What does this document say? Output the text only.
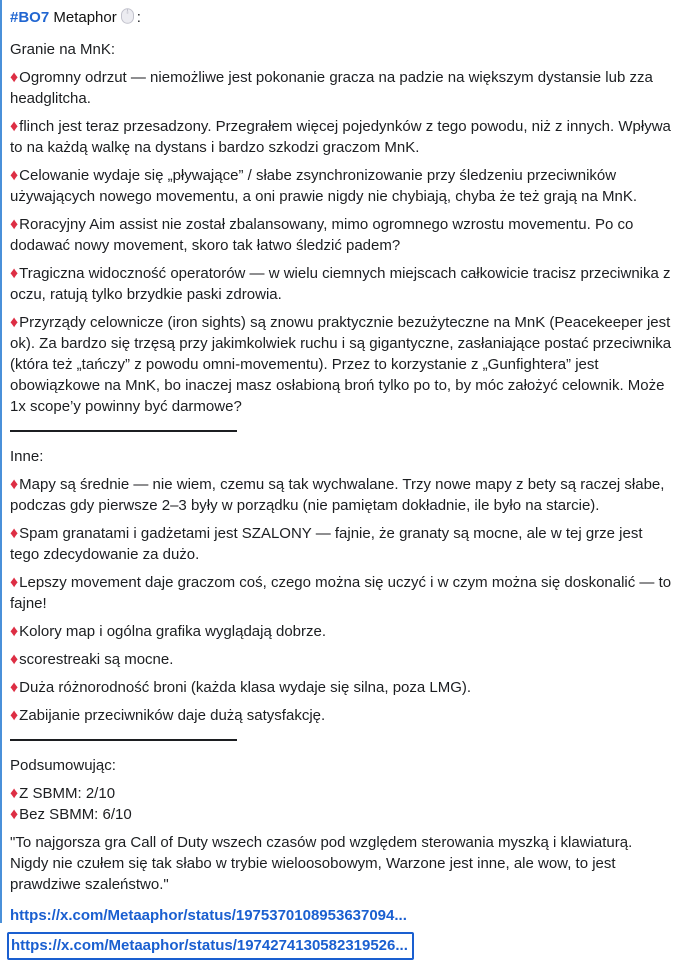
#BO7 Metaphor :

Granie na MnK:

♦Ogromny odrzut — niemożliwe jest pokonanie gracza na padzie na większym dystansie lub zza headglitcha.

♦flinch jest teraz przesadzony. Przegrałem więcej pojedynków z tego powodu, niż z innych. Wpływa to na każdą walkę na dystans i bardzo szkodzi graczom MnK.

♦Celowanie wydaje się „pływające” / słabe zsynchronizowanie przy śledzeniu przeciwników używających nowego movementu, a oni prawie nigdy nie chybiają, chyba że też grają na MnK.

♦Roracyjny Aim assist nie został zbalansowany, mimo ogromnego wzrostu movementu. Po co dodawać nowy movement, skoro tak łatwo śledzić padem?

♦Tragiczna widoczność operatorów — w wielu ciemnych miejscach całkowicie tracisz przeciwnika z oczu, ratują tylko brzydkie paski zdrowia.

♦Przyrządy celownicze (iron sights) są znowu praktycznie bezużyteczne na MnK (Peacekeeper jest ok). Za bardzo się trzęsą przy jakimkolwiek ruchu i są gigantyczne, zasłaniające postać przeciwnika (która też „tańczy” z powodu omni-movementu). Przez to korzystanie z „Gunfightera” jest obowiązkowe na MnK, bo inaczej masz osłabioną broń tylko po to, by móc założyć celownik. Może 1x scope’y powinny być darmowe?

Inne:

♦Mapy są średnie — nie wiem, czemu są tak wychwalane. Trzy nowe mapy z bety są raczej słabe, podczas gdy pierwsze 2–3 były w porządku (nie pamiętam dokładnie, ile było na starcie).

♦Spam granatami i gadżetami jest SZALONY — fajnie, że granaty są mocne, ale w tej grze jest tego zdecydowanie za dużo.

♦Lepszy movement daje graczom coś, czego można się uczyć i w czym można się doskonalić — to fajne!

♦Kolory map i ogólna grafika wyglądają dobrze.

♦scorestreaki są mocne.

♦Duża różnorodność broni (każda klasa wydaje się silna, poza LMG).

♦Zabijanie przeciwników daje dużą satysfakcję.

Podsumowując:

♦Z SBMM: 2/10
♦Bez SBMM: 6/10

"To najgorsza gra Call of Duty wszech czasów pod względem sterowania myszką i klawiaturą. Nigdy nie czułem się tak słabo w trybie wieloosobowym, Warzone jest inne, ale wow, to jest prawdziwe szaleństwo."

https://x.com/Metaaphor/status/1975370108953637094...
https://x.com/Metaaphor/status/1974274130582319526...
